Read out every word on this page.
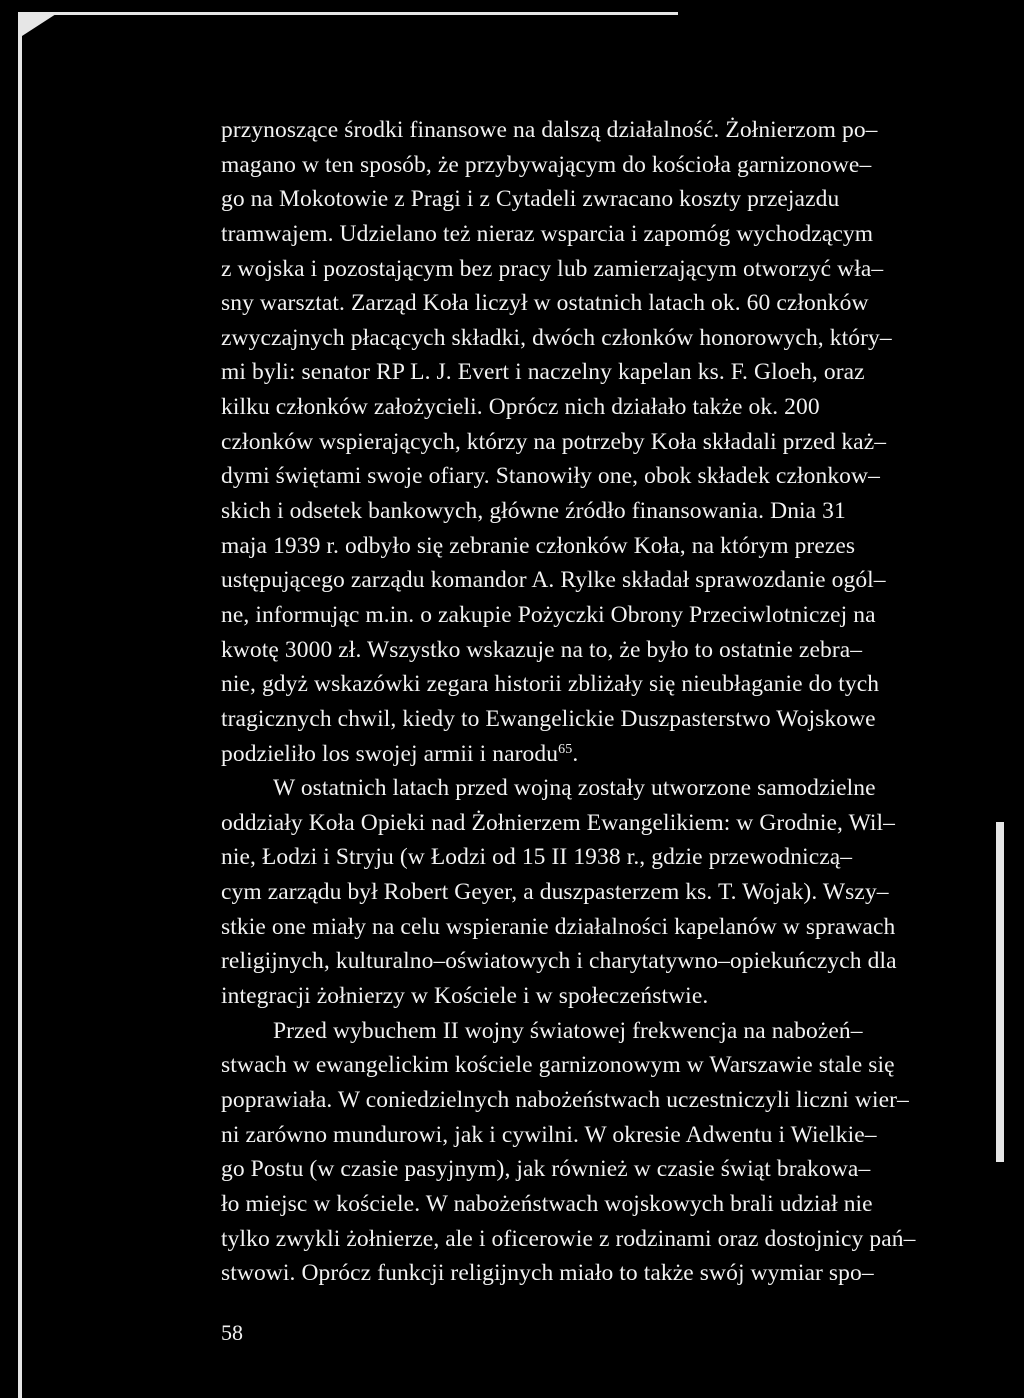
przynoszące środki finansowe na dalszą działalność. Żołnierzom po–
magano w ten sposób, że przybywającym do kościoła garnizonowe–
go na Mokotowie z Pragi i z Cytadeli zwracano koszty przejazdu
tramwajem. Udzielano też nieraz wsparcia i zapomóg wychodzącym
z wojska i pozostającym bez pracy lub zamierzającym otworzyć wła–
sny warsztat. Zarząd Koła liczył w ostatnich latach ok. 60 członków
zwyczajnych płacących składki, dwóch członków honorowych, który–
mi byli: senator RP L. J. Evert i naczelny kapelan ks. F. Gloeh, oraz
kilku członków założycieli. Oprócz nich działało także ok. 200
członków wspierających, którzy na potrzeby Koła składali przed każ–
dymi świętami swoje ofiary. Stanowiły one, obok składek członkow–
skich i odsetek bankowych, główne źródło finansowania. Dnia 31
maja 1939 r. odbyło się zebranie członków Koła, na którym prezes
ustępującego zarządu komandor A. Rylke składał sprawozdanie ogól–
ne, informując m.in. o zakupie Pożyczki Obrony Przeciwlotniczej na
kwotę 3000 zł. Wszystko wskazuje na to, że było to ostatnie zebra–
nie, gdyż wskazówki zegara historii zbliżały się nieubłaganie do tych
tragicznych chwil, kiedy to Ewangelickie Duszpasterstwo Wojskowe
podzieliło los swojej armii i narodu$^{65}$.
W ostatnich latach przed wojną zostały utworzone samodzielne
oddziały Koła Opieki nad Żołnierzem Ewangelikiem: w Grodnie, Wil–
nie, Łodzi i Stryju (w Łodzi od 15 II 1938 r., gdzie przewodniczą–
cym zarządu był Robert Geyer, a duszpasterzem ks. T. Wojak). Wszy–
stkie one miały na celu wspieranie działalności kapelanów w sprawach
religijnych, kulturalno–oświatowych i charytatywno–opiekuńczych dla
integracji żołnierzy w Kościele i w społeczeństwie.
Przed wybuchem II wojny światowej frekwencja na nabożeń–
stwach w ewangelickim kościele garnizonowym w Warszawie stale się
poprawiała. W coniedzielnych nabożeństwach uczestniczyli liczni wier–
ni zarówno mundurowi, jak i cywilni. W okresie Adwentu i Wielkie–
go Postu (w czasie pasyjnym), jak również w czasie świąt brakowa–
ło miejsc w kościele. W nabożeństwach wojskowych brali udział nie
tylko zwykli żołnierze, ale i oficerowie z rodzinami oraz dostojnicy pań–
stwowi. Oprócz funkcji religijnych miało to także swój wymiar spo–

58
